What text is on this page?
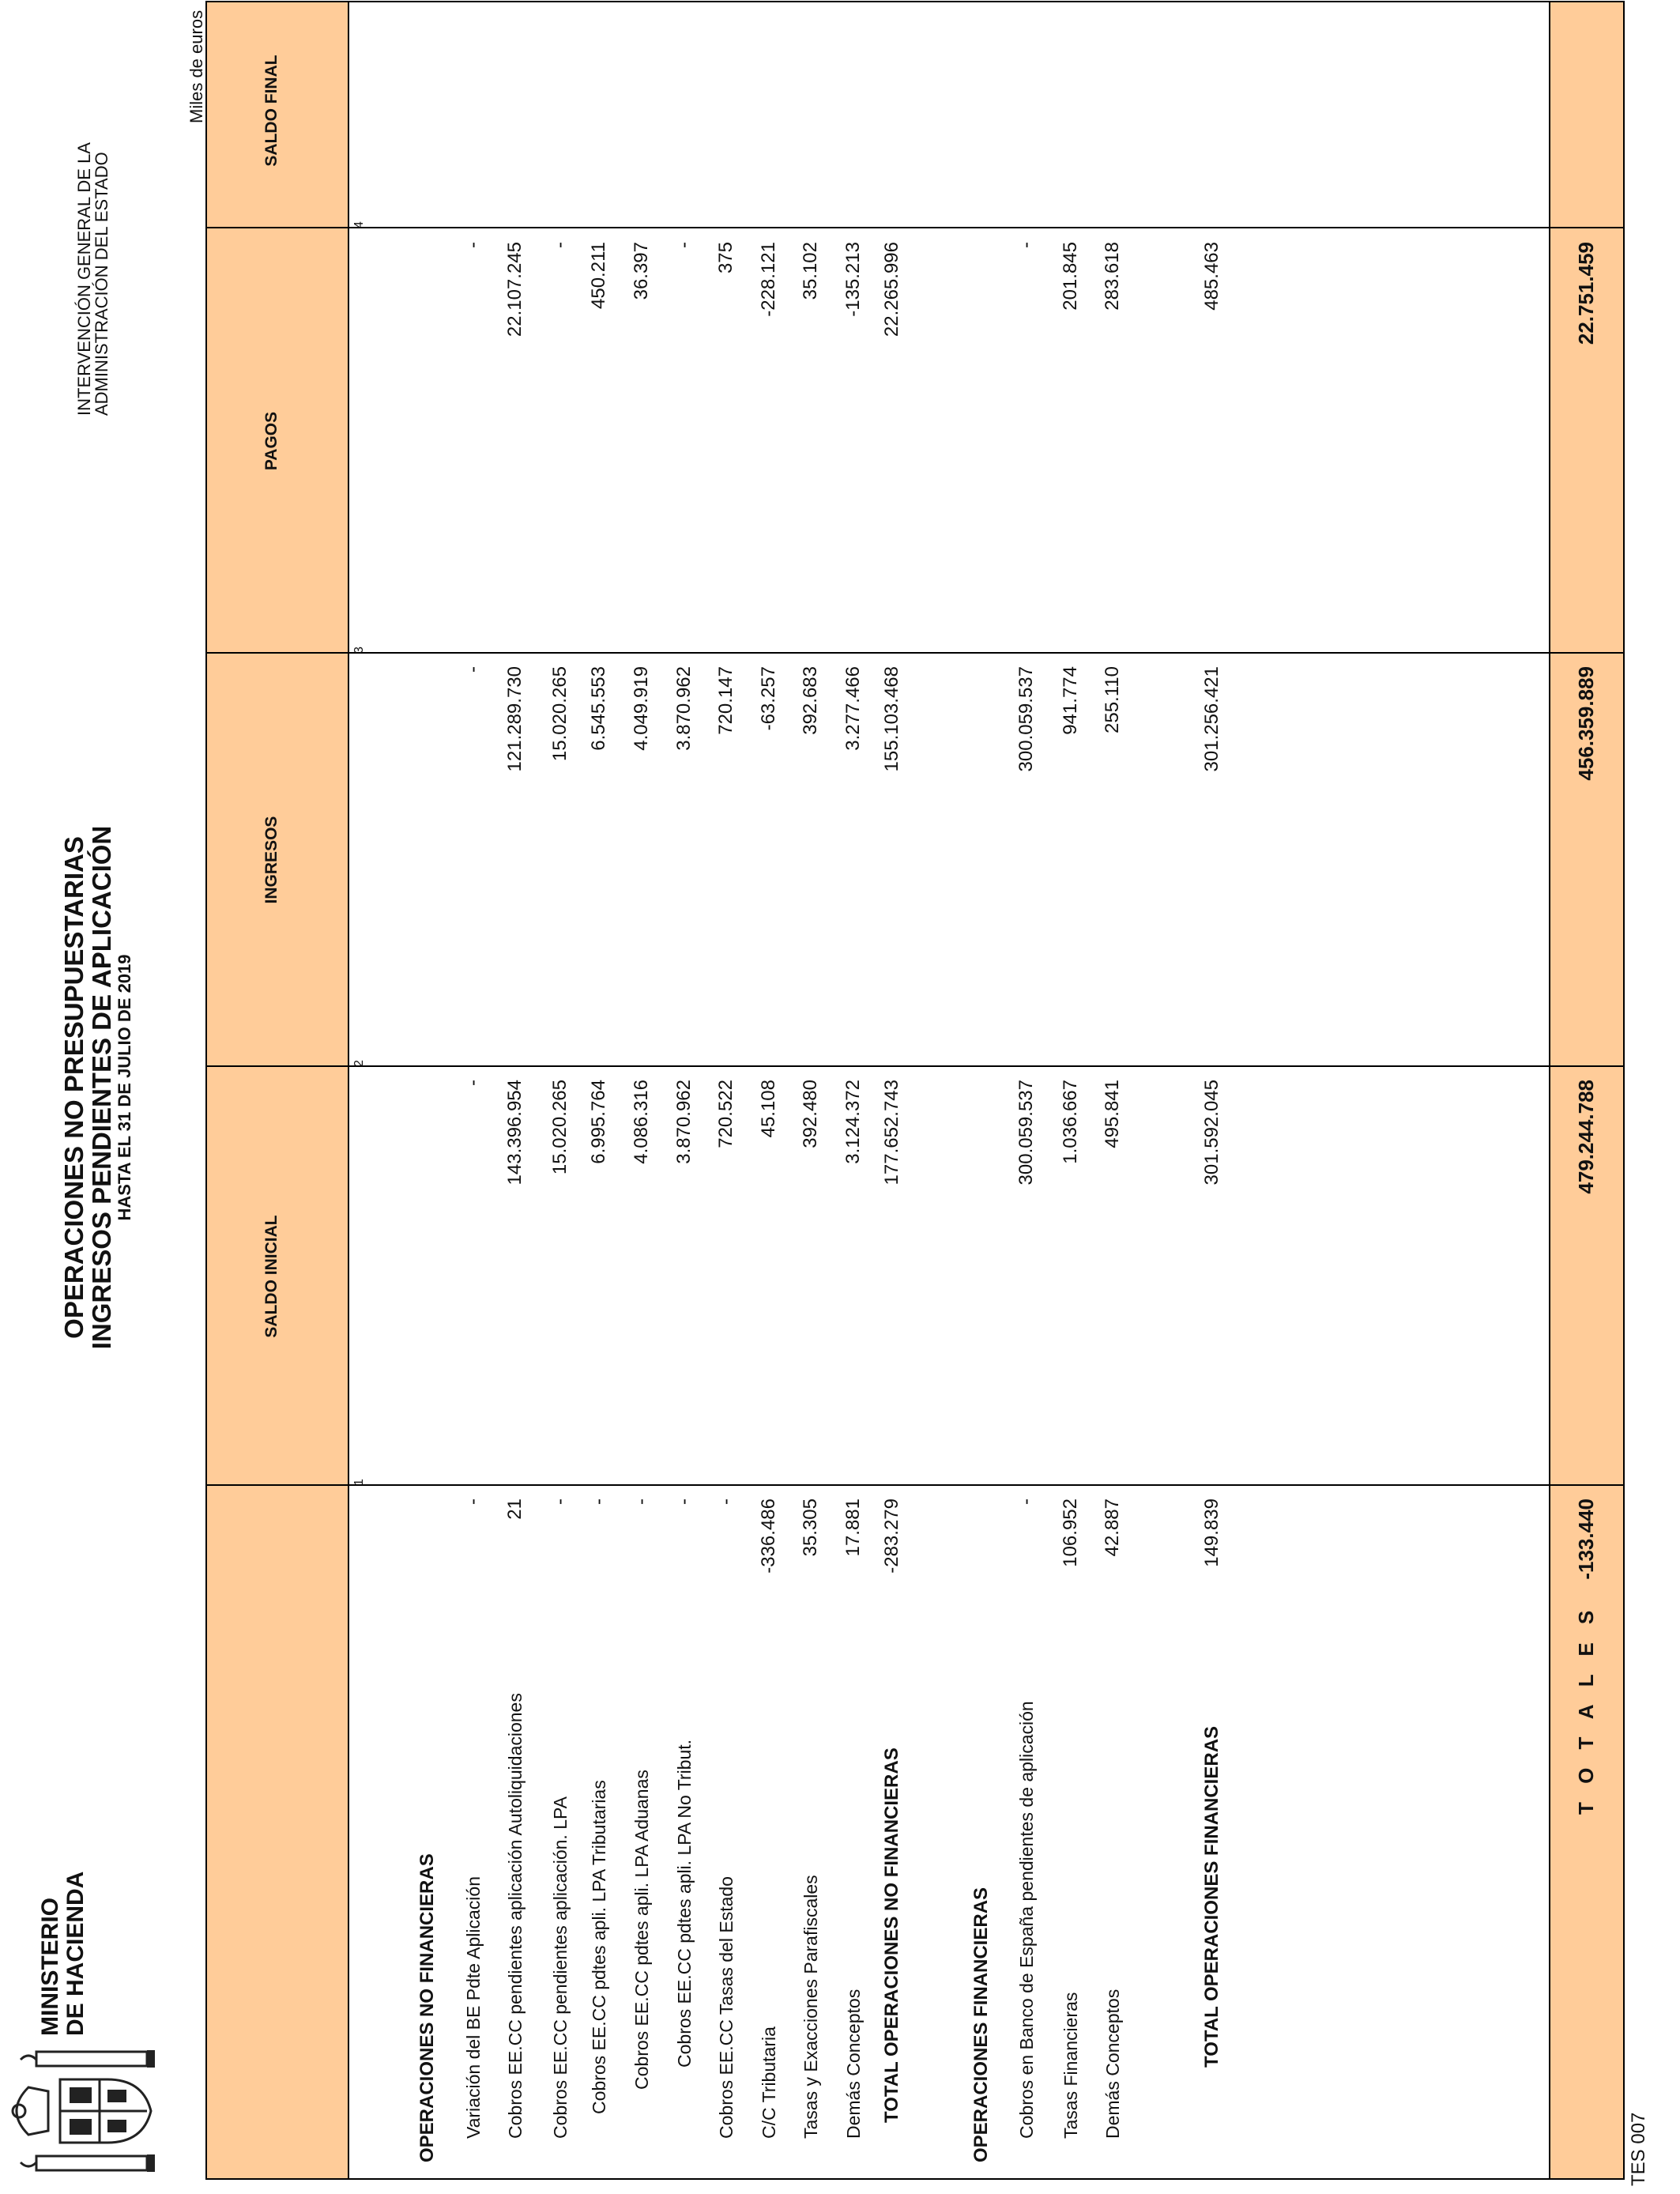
MINISTERIO DE HACIENDA
OPERACIONES NO PRESUPUESTARIAS
INGRESOS PENDIENTES DE APLICACIÓN
HASTA EL 31 DE JULIO DE 2019
INTERVENCIÓN GENERAL DE LA
ADMINISTRACIÓN DEL ESTADO
Miles de euros
SALDO INICIAL
INGRESOS
PAGOS
SALDO FINAL
1
2
3
4
OPERACIONES NO FINANCIERAS Variación del BE Pdte Aplicación
-
-
-
-
Cobros EE.CC pendientes aplicación Autoliquidaciones
21
143.396.954
121.289.730
22.107.245
Cobros EE.CC pendientes aplicación. LPA
-
15.020.265
15.020.265
-
Cobros EE.CC pdtes apli. LPA Tributarias
-
6.995.764
6.545.553
450.211
Cobros EE.CC pdtes apli. LPA Aduanas
-
4.086.316
4.049.919
36.397
Cobros EE.CC pdtes apli. LPA No Tribut.
-
3.870.962
3.870.962
-
Cobros EE.CC Tasas del Estado
-
720.522
720.147
375
C/C Tributaria
-336.486
45.108
-63.257
-228.121
Tasas y Exacciones Parafiscales
35.305
392.480
392.683
35.102
Demás Conceptos
17.881
3.124.372
3.277.466
-135.213
TOTAL OPERACIONES NO FINANCIERAS
-283.279
177.652.743
155.103.468
22.265.996
OPERACIONES FINANCIERAS Cobros en Banco de España pendientes de aplicación
-
300.059.537
300.059.537
-
Tasas Financieras
106.952
1.036.667
941.774
201.845
Demás Conceptos
42.887
495.841
255.110
283.618
TOTAL OPERACIONES FINANCIERAS
149.839
301.592.045
301.256.421
485.463
T O T A L E S
-133.440
479.244.788
456.359.889
22.751.459
TES 007
